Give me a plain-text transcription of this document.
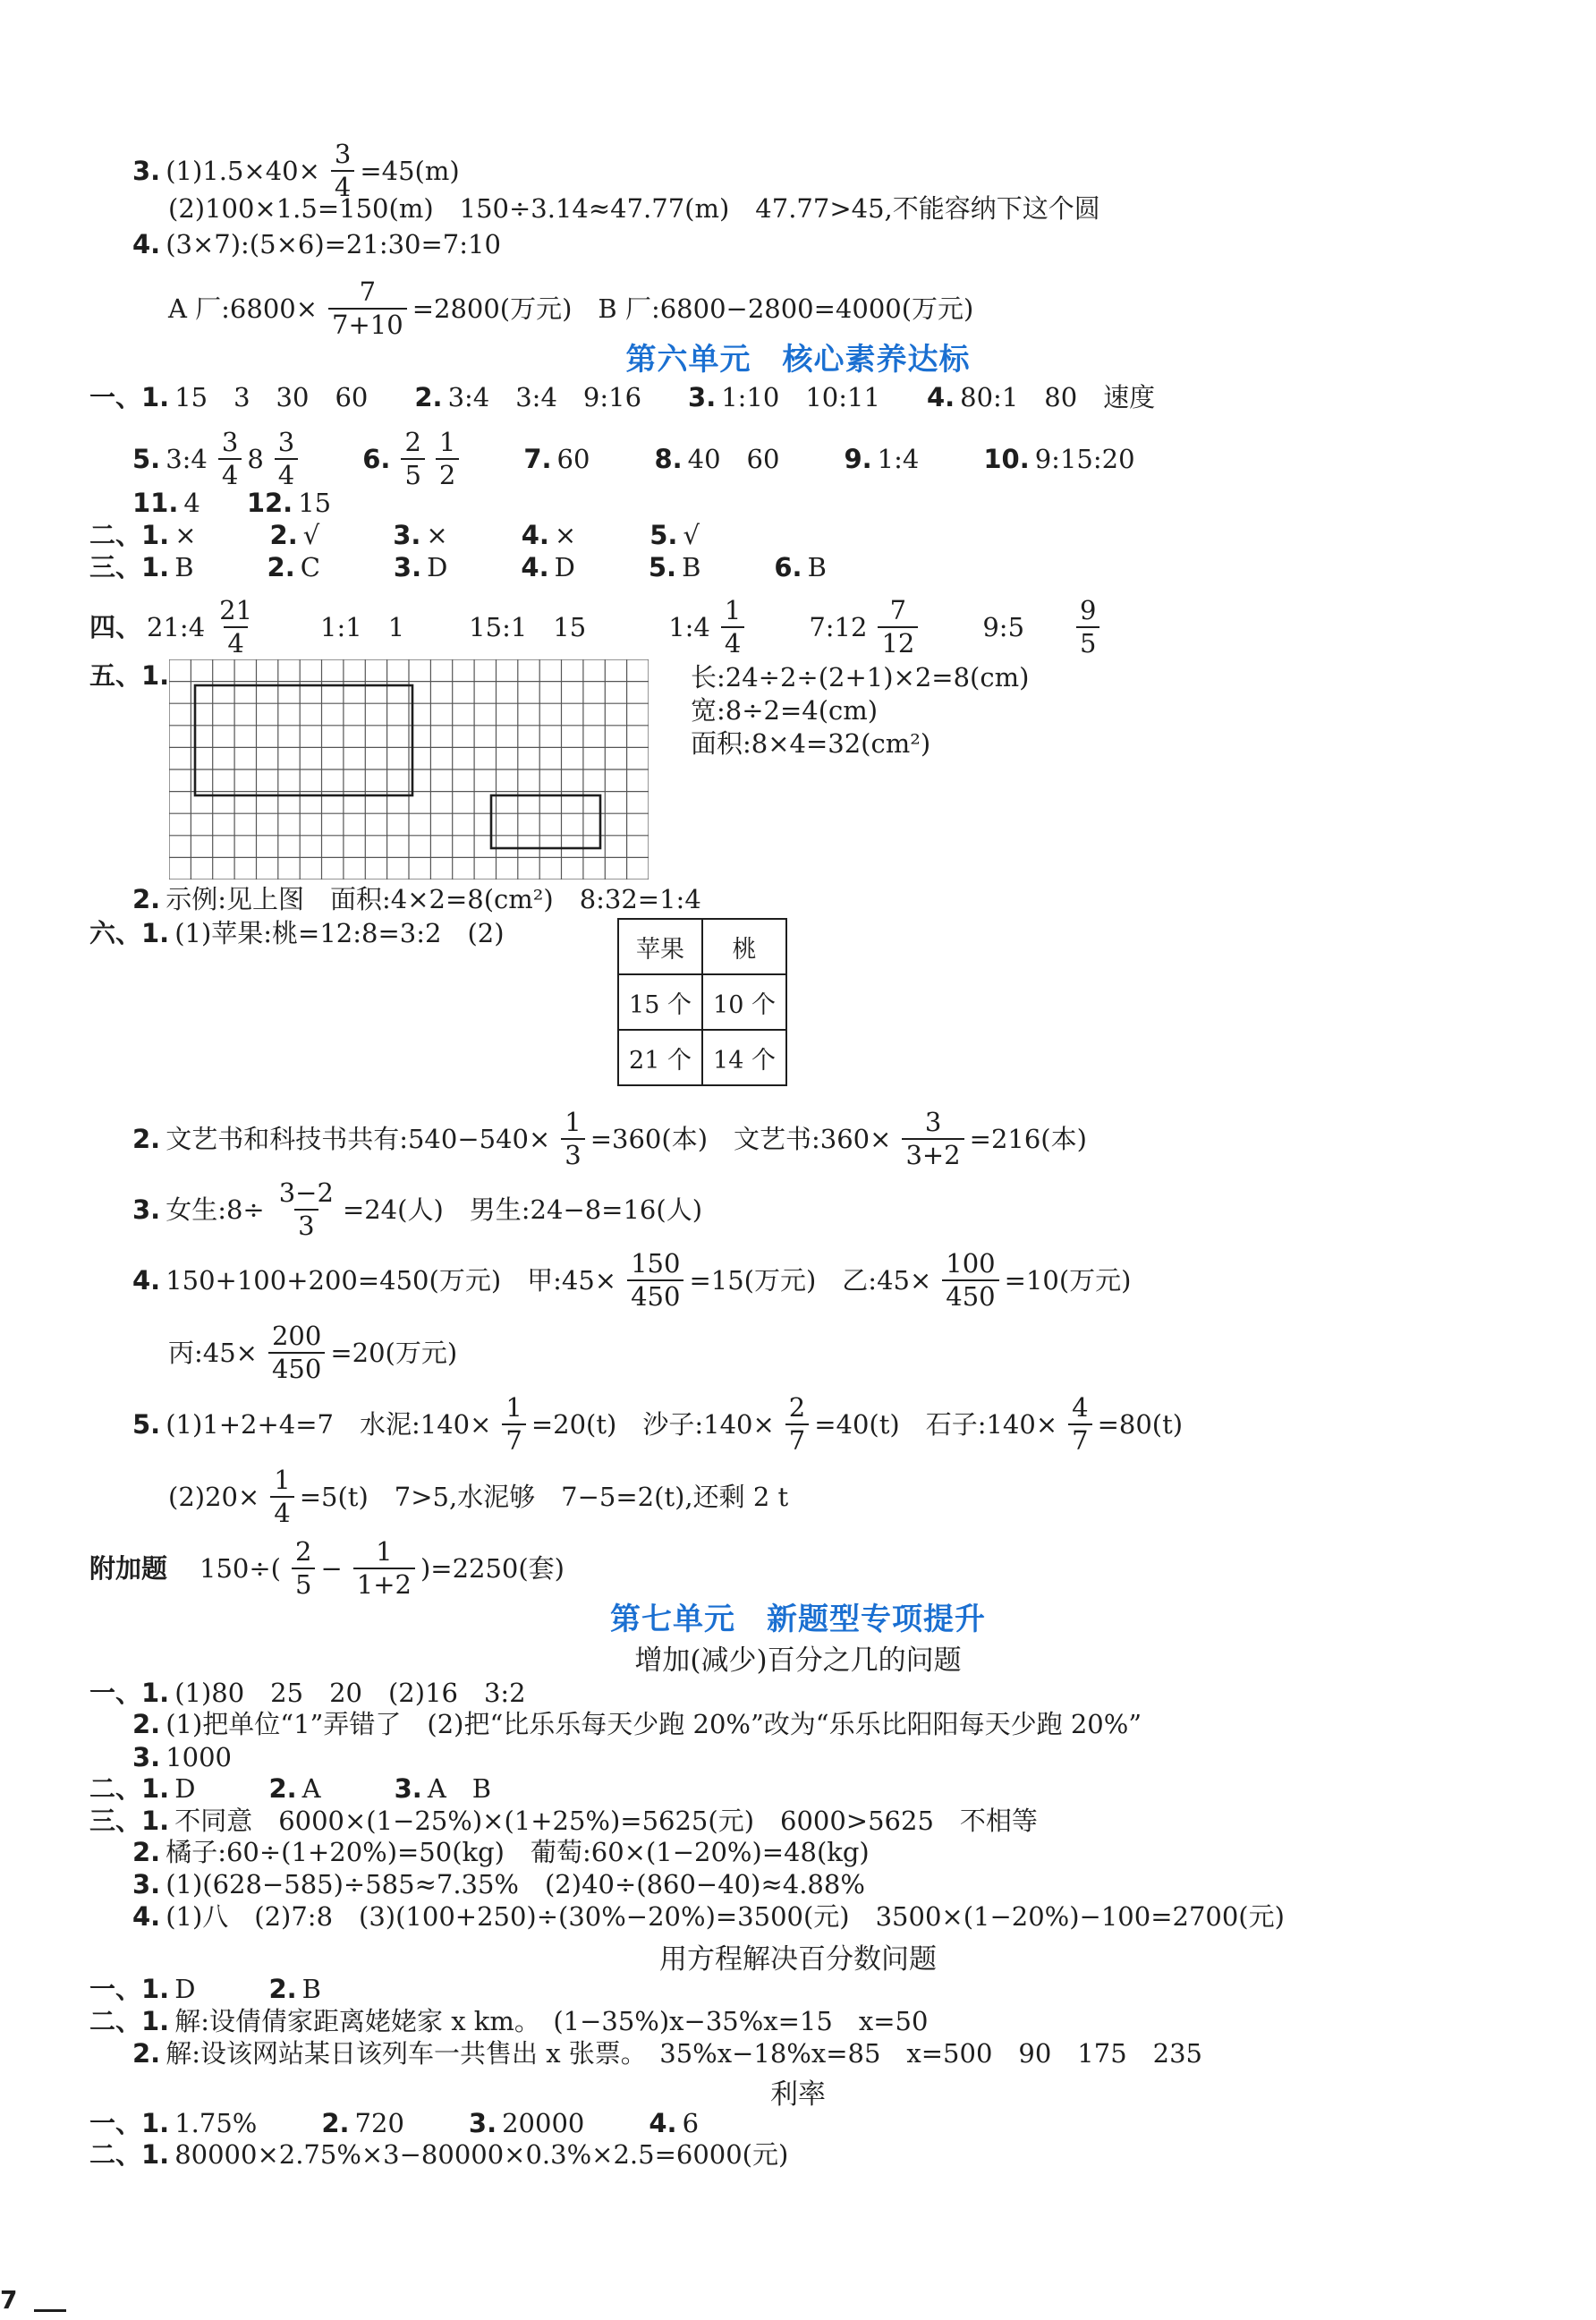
3. $(1)1.5\times 40\times \frac{3}{4} =45(m)$
(2)100×1.5=150(m)　150÷3.14≈47.77(m)　47.77>45,不能容纳下这个圆
4. (3×7):(5×6)=21:30=7:10
A 厂:6800× $\frac{7}{7+10} =2800$(万元)　B 厂:6800−2800=4000(万元)
第六单元　核心素养达标
一、1. 15　3　30　60 2. 3:4　3:4　9:16 3. 1:10　10:11 4. 80:1　80　速度
5. 3:4
3
4
8
3
4
6.
2
5
1
2
7. 60 8. 40　60 9. 1:4 10. 9:15:20
11. 4 12. 15
二、1. ×	2. √	3. ×	4. ×	5. √
三、1. B	2. C	3. D	4. D	5. B	6. B
四、 21:4
21
4
1:1　1 15:1　15	1:4
1
4
7:12
7
12
9:5
9
5
五、1.	长:24÷2÷(2+1)×2=8(cm)
宽:8÷2=4(cm)
面积:8×4=32(cm²)
2. 示例:见上图　面积:4×2=8(cm²)　8:32=1:4
六、1. (1)苹果:桃=12:8=3:2　(2)
苹果	桃
15 个	10 个
21 个	14 个
2. 文艺书和科技书共有:540−540× $\frac{1}{3} =360$(本)　文艺书:360× $\frac{3}{3+2} =216$(本)
3. 女生:8÷ $\frac{3-2}{3} =24$(人)　男生:24−8=16(人)
4. 150+100+200=450(万元)　甲:45× $\frac{150}{450} =15$(万元)　乙:45× $\frac{100}{450} =10$(万元)
丙:45× $\frac{200}{450} =20$(万元)
5. (1)1+2+4=7　水泥:140× $\frac{1}{7} =20(t)$　沙子:140× $\frac{2}{7} =40(t)$　石子:140× $\frac{4}{7} =80(t)$
$(2)20\times \frac{1}{4} =5(t)$　7>5,水泥够　7−5=2(t),还剩 2 t
附加题 150÷(
2
5
− $\frac{1}{1+2} )=2250$(套)
第七单元　新题型专项提升
增加(减少)百分之几的问题
一、1. (1)80　25　20　(2)16　3:2
2. (1)把单位“1”弄错了　(2)把“比乐乐每天少跑 20%”改为“乐乐比阳阳每天少跑 20%”
3. 1000
二、1. D	2. A	3. A　B
三、1. 不同意　6000×(1−25%)×(1+25%)=5625(元)　6000>5625　不相等
2. 橘子:60÷(1+20%)=50(kg)　葡萄:60×(1−20%)=48(kg)
3. (1)(628−585)÷585≈7.35%　(2)40÷(860−40)≈4.88%
4. (1)八　(2)7:8　(3)(100+250)÷(30%−20%)=3500(元)　3500×(1−20%)−100=2700(元)
用方程解决百分数问题
一、1. D	2. B
二、1. 解:设倩倩家距离姥姥家 x km。　(1−35%)x−35%x=15　x=50
2. 解:设该网站某日该列车一共售出 x 张票。　35%x−18%x=85　x=500　90　175　235
利率
一、1. 1.75% 2. 720 3. 20000 4. 6
二、1. 80000×2.75%×3−80000×0.3%×2.5=6000(元)
7
